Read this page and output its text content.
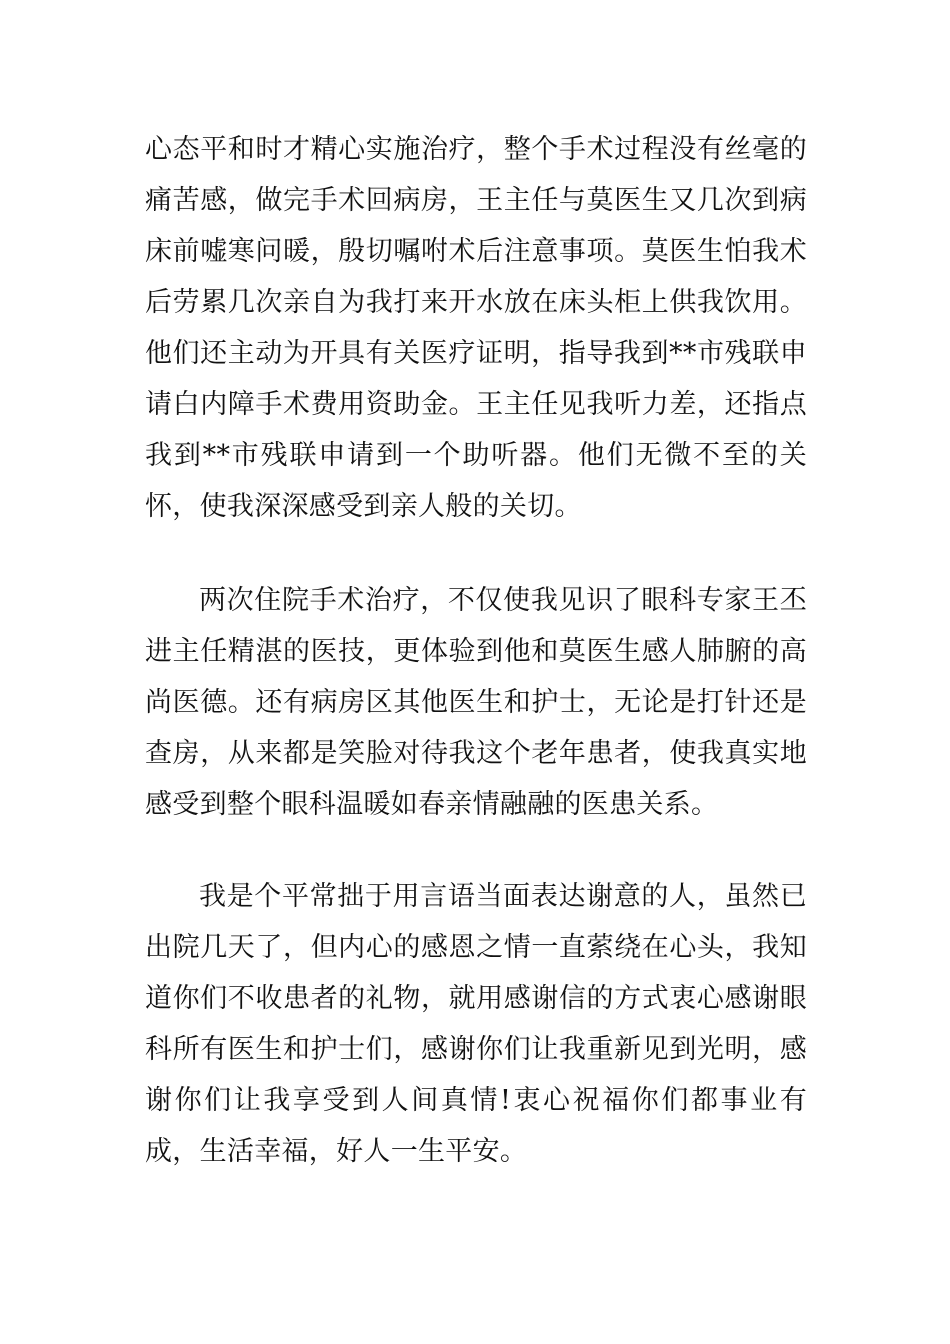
心态平和时才精心实施治疗，整个手术过程没有丝毫的痛苦感，做完手术回病房，王主任与莫医生又几次到病床前嘘寒问暖，殷切嘱咐术后注意事项。莫医生怕我术后劳累几次亲自为我打来开水放在床头柜上供我饮用。他们还主动为开具有关医疗证明，指导我到**市残联申请白内障手术费用资助金。王主任见我听力差，还指点我到**市残联申请到一个助听器。他们无微不至的关怀，使我深深感受到亲人般的关切。

两次住院手术治疗，不仅使我见识了眼科专家王丕进主任精湛的医技，更体验到他和莫医生感人肺腑的高尚医德。还有病房区其他医生和护士，无论是打针还是查房，从来都是笑脸对待我这个老年患者，使我真实地感受到整个眼科温暖如春亲情融融的医患关系。

我是个平常拙于用言语当面表达谢意的人，虽然已出院几天了，但内心的感恩之情一直萦绕在心头，我知道你们不收患者的礼物，就用感谢信的方式衷心感谢眼科所有医生和护士们，感谢你们让我重新见到光明，感谢你们让我享受到人间真情!衷心祝福你们都事业有成，生活幸福，好人一生平安。
